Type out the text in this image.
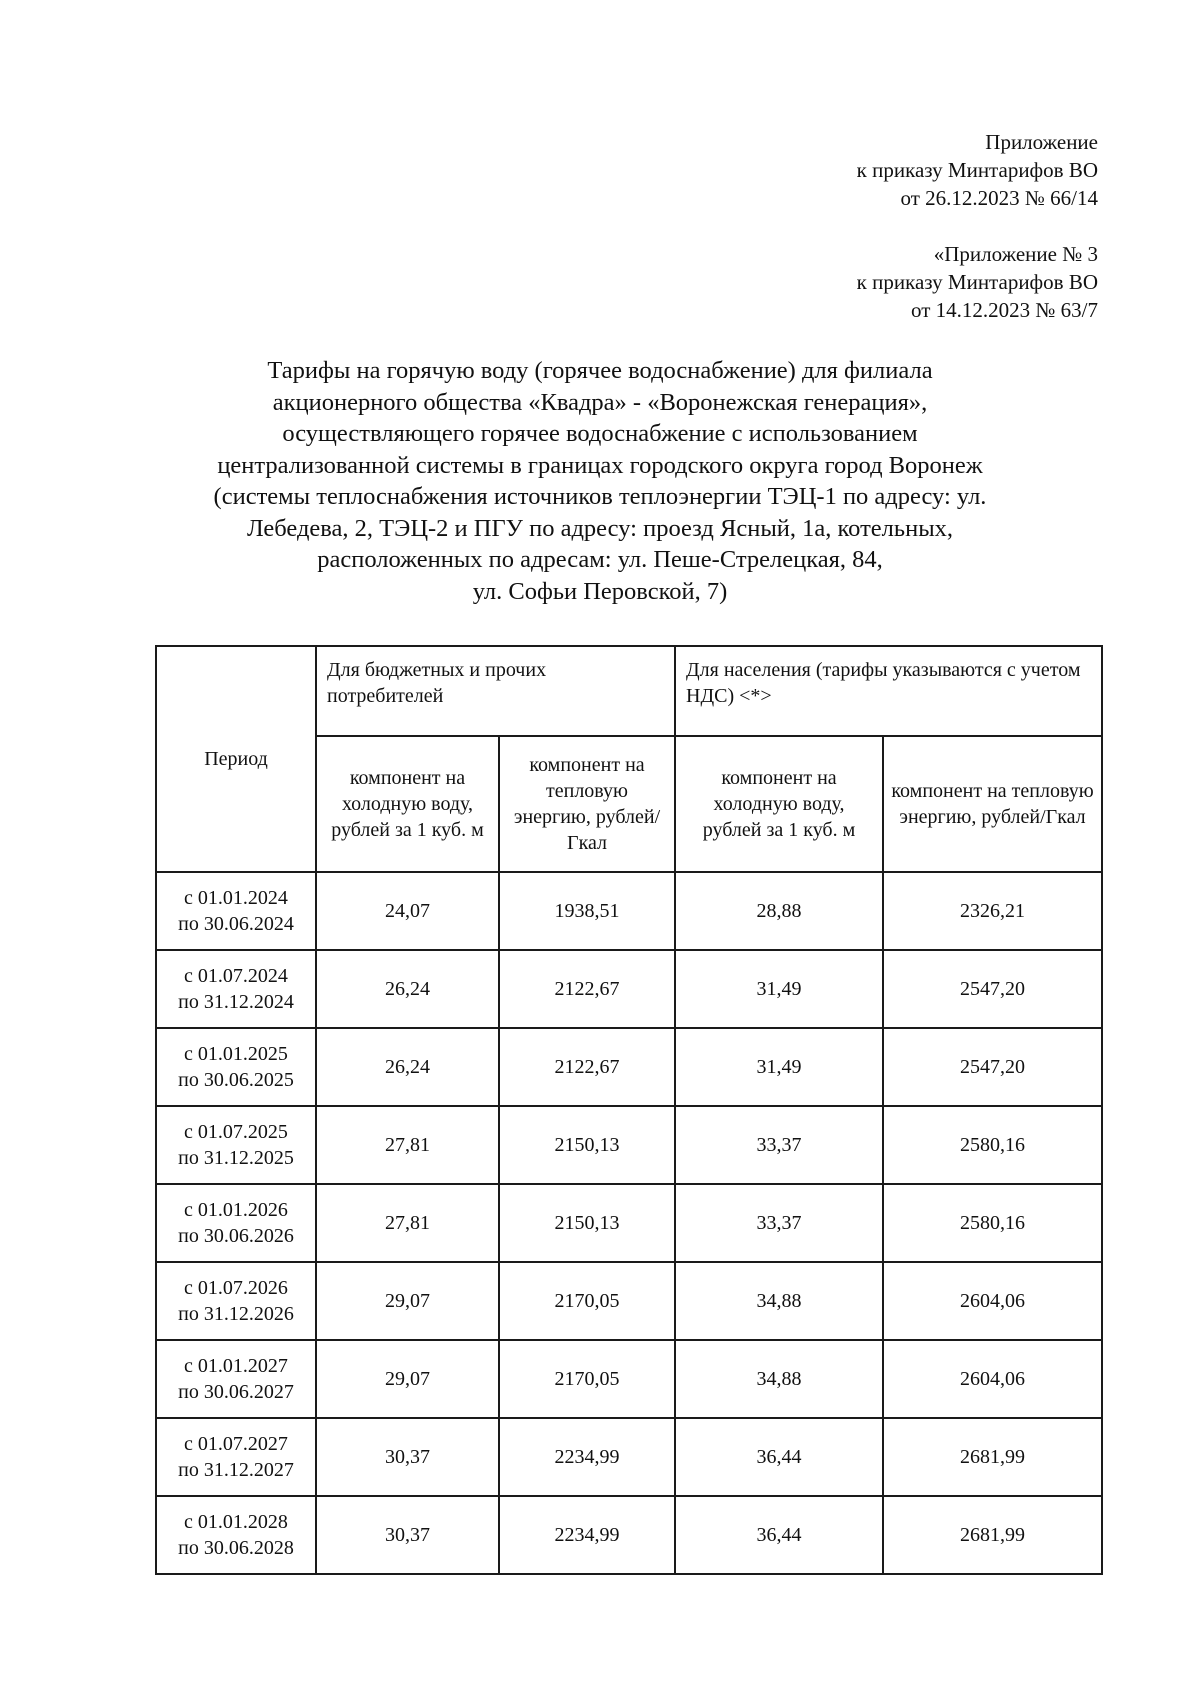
Приложение
к приказу Минтарифов ВО
от 26.12.2023 № 66/14
«Приложение № 3
к приказу Минтарифов ВО
от 14.12.2023 № 63/7
Тарифы на горячую воду (горячее водоснабжение) для филиала
акционерного общества «Квадра» - «Воронежская генерация»,
осуществляющего горячее водоснабжение с использованием
централизованной системы в границах городского округа город Воронеж
(системы теплоснабжения источников теплоэнергии ТЭЦ-1 по адресу: ул.
Лебедева, 2, ТЭЦ-2 и ПГУ по адресу: проезд Ясный, 1а, котельных,
расположенных по адресам: ул. Пеше-Стрелецкая, 84,
ул. Софьи Перовской, 7)
Период	Для бюджетных и прочих потребителей		Для населения (тарифы указываются с учетом НДС) <*>	
	компонент на холодную воду, рублей за 1 куб. м	компонент на тепловую энергию, рублей/Гкал	компонент на холодную воду, рублей за 1 куб. м	компонент на тепловую энергию, рублей/Гкал

с 01.01.2024
по 30.06.2024	24,07	1938,51	28,88	2326,21

с 01.07.2024
по 31.12.2024	26,24	2122,67	31,49	2547,20

с 01.01.2025
по 30.06.2025	26,24	2122,67	31,49	2547,20

с 01.07.2025
по 31.12.2025	27,81	2150,13	33,37	2580,16

с 01.01.2026
по 30.06.2026	27,81	2150,13	33,37	2580,16

с 01.07.2026
по 31.12.2026	29,07	2170,05	34,88	2604,06

с 01.01.2027
по 30.06.2027	29,07	2170,05	34,88	2604,06

с 01.07.2027
по 31.12.2027	30,37	2234,99	36,44	2681,99

с 01.01.2028
по 30.06.2028	30,37	2234,99	36,44	2681,99
